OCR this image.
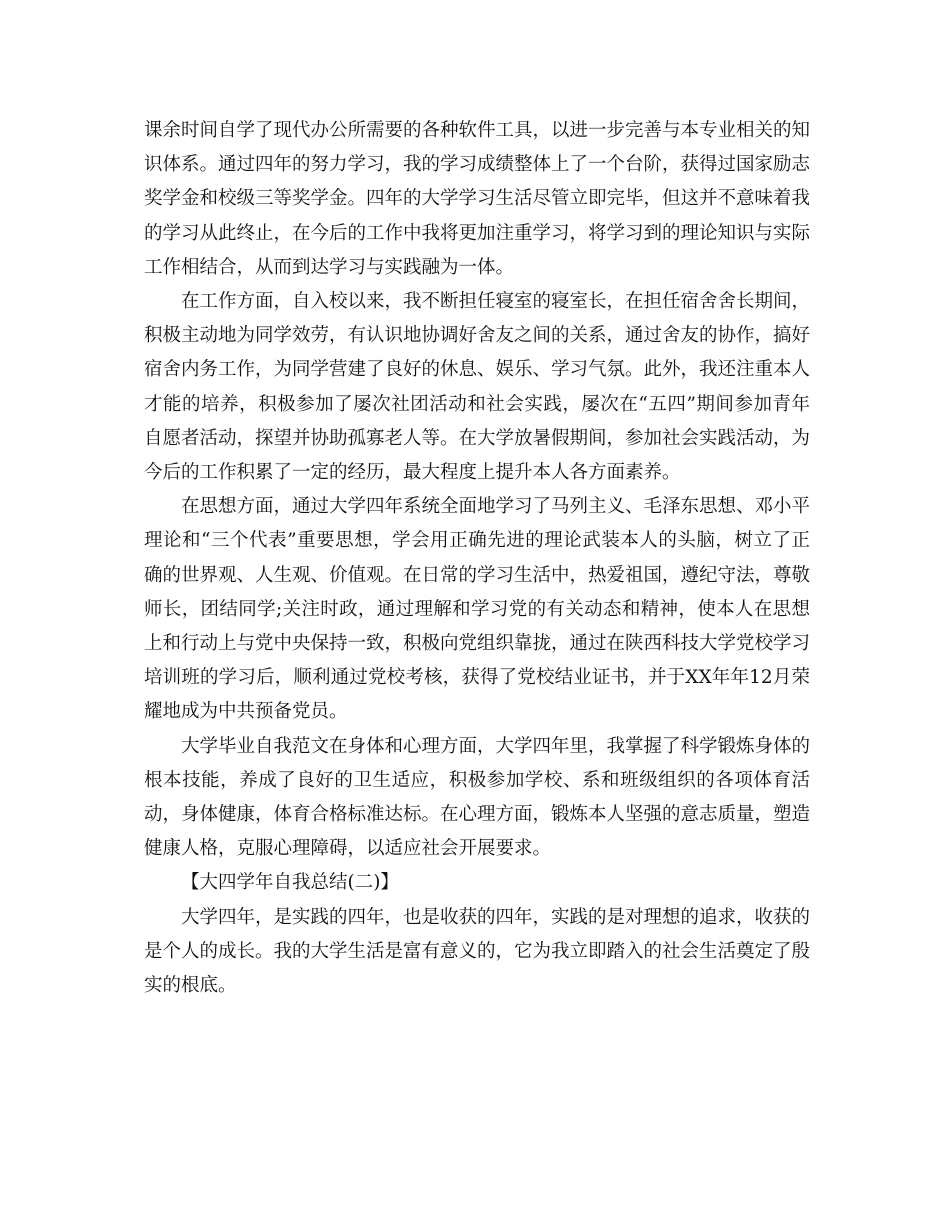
课余时间自学了现代办公所需要的各种软件工具，以进一步完善与本专业相关的知识体系。通过四年的努力学习，我的学习成绩整体上了一个台阶，获得过国家励志奖学金和校级三等奖学金。四年的大学学习生活尽管立即完毕，但这并不意味着我的学习从此终止，在今后的工作中我将更加注重学习，将学习到的理论知识与实际工作相结合，从而到达学习与实践融为一体。

在工作方面，自入校以来，我不断担任寝室的寝室长，在担任宿舍舍长期间，积极主动地为同学效劳，有认识地协调好舍友之间的关系，通过舍友的协作，搞好宿舍内务工作，为同学营建了良好的休息、娱乐、学习气氛。此外，我还注重本人才能的培养，积极参加了屡次社团活动和社会实践，屡次在“五四”期间参加青年自愿者活动，探望并协助孤寡老人等。在大学放暑假期间，参加社会实践活动，为今后的工作积累了一定的经历，最大程度上提升本人各方面素养。

在思想方面，通过大学四年系统全面地学习了马列主义、毛泽东思想、邓小平理论和“三个代表”重要思想，学会用正确先进的理论武装本人的头脑，树立了正确的世界观、人生观、价值观。在日常的学习生活中，热爱祖国，遵纪守法，尊敬师长，团结同学;关注时政，通过理解和学习党的有关动态和精神，使本人在思想上和行动上与党中央保持一致，积极向党组织靠拢，通过在陕西科技大学党校学习培训班的学习后，顺利通过党校考核，获得了党校结业证书，并于XX年年12月荣耀地成为中共预备党员。

大学毕业自我范文在身体和心理方面，大学四年里，我掌握了科学锻炼身体的根本技能，养成了良好的卫生适应，积极参加学校、系和班级组织的各项体育活动，身体健康，体育合格标准达标。在心理方面，锻炼本人坚强的意志质量，塑造健康人格，克服心理障碍，以适应社会开展要求。

【大四学年自我总结(二)】

大学四年，是实践的四年，也是收获的四年，实践的是对理想的追求，收获的是个人的成长。我的大学生活是富有意义的，它为我立即踏入的社会生活奠定了殷实的根底。
